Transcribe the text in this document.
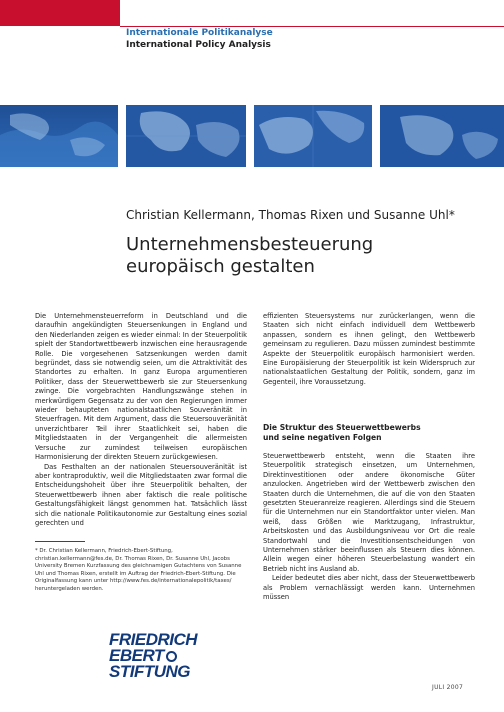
Internationale Politikanalyse
International Policy Analysis
Christian Kellermann, Thomas Rixen und Susanne Uhl*
Unternehmensbesteuerung
europäisch gestalten

Die Unternehmensteuerreform in Deutschland und die daraufhin angekündigten Steuersenkungen in England und den Niederlanden zeigen es wieder einmal: In der Steuerpolitik spielt der Standortwettbewerb inzwischen eine herausragende Rolle. Die vorgesehenen Satzsenkungen werden damit begründet, dass sie notwendig seien, um die Attraktivität des Standortes zu erhalten. In ganz Europa argumentieren Politiker, dass der Steuerwettbewerb sie zur Steuersenkung zwinge. Die vorgebrachten Handlungszwänge stehen in merkwürdigem Gegensatz zu der von den Regierungen immer wieder behaupteten nationalstaatlichen Souveränität in Steuerfragen. Mit dem Argument, dass die Steuersouveränität unverzichtbarer Teil ihrer Staatlichkeit sei, haben die Mitgliedstaaten in der Vergangenheit die allermeisten Versuche zur zumindest teilweisen europäischen Harmonisierung der direkten Steuern zurückgewiesen.

Das Festhalten an der nationalen Steuersouveränität ist aber kontraproduktiv, weil die Mitgliedstaaten zwar formal die Entscheidungshoheit über ihre Steuerpolitik behalten, der Steuerwettbewerb ihnen aber faktisch die reale politische Gestaltungsfähigkeit längst genommen hat. Tatsächlich lässt sich die nationale Politikautonomie zur Gestaltung eines sozial gerechten und

effizienten Steuersystems nur zurückerlangen, wenn die Staaten sich nicht einfach individuell dem Wettbewerb anpassen, sondern es ihnen gelingt, den Wettbewerb gemeinsam zu regulieren. Dazu müssen zumindest bestimmte Aspekte der Steuerpolitik europäisch harmonisiert werden. Eine Europäisierung der Steuerpolitik ist kein Widerspruch zur nationalstaatlichen Gestaltung der Politik, sondern, ganz im Gegenteil, ihre Voraussetzung.

Die Struktur des Steuerwettbewerbs
und seine negativen Folgen

Steuerwettbewerb entsteht, wenn die Staaten ihre Steuerpolitik strategisch einsetzen, um Unternehmen, Direktinvestitionen oder andere ökonomische Güter anzulocken. Angetrieben wird der Wettbewerb zwischen den Staaten durch die Unternehmen, die auf die von den Staaten gesetzten Steueranreize reagieren. Allerdings sind die Steuern für die Unternehmen nur ein Standortfaktor unter vielen. Man weiß, dass Größen wie Marktzugang, Infrastruktur, Arbeitskosten und das Ausbildungsniveau vor Ort die reale Standortwahl und die Investitionsentscheidungen von Unternehmen stärker beeinflussen als Steuern dies können. Allein wegen einer höheren Steuerbelastung wandert ein Betrieb nicht ins Ausland ab.

Leider bedeutet dies aber nicht, dass der Steuerwettbewerb als Problem vernachlässigt werden kann. Unternehmen müssen

* Dr. Christian Kellermann, Friedrich-Ebert-Stiftung, christian.kellermann@fes.de, Dr. Thomas Rixen, Dr. Susanne Uhl, Jacobs University Bremen Kurzfassung des gleichnamigen Gutachtens von Susanne Uhl und Thomas Rixen, erstellt im Auftrag der Friedrich-Ebert-Stiftung. Die Originalfassung kann unter http://www.fes.de/internationalepolitik/taxes/ heruntergeladen werden.
FRIEDRICH
EBERT
STIFTUNG
JULI 2007
